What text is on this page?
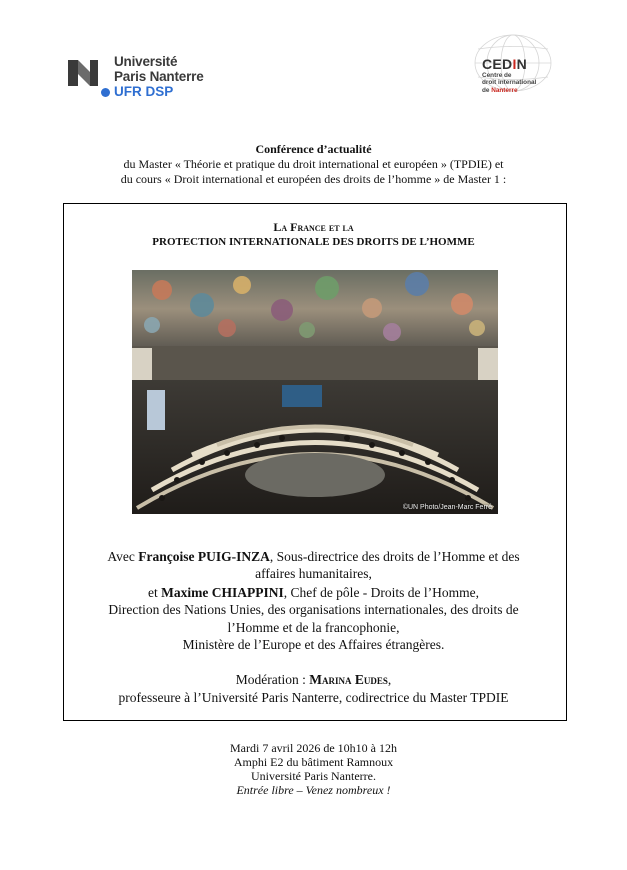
Université
Paris Nanterre
UFR DSP
CEDIN
Centre de
droit international
de Nanterre
Conférence d’actualité
du Master « Théorie et pratique du droit international et européen » (TPDIE) et
du cours « Droit international et européen des droits de l’homme » de Master 1 :
La France et la
PROTECTION INTERNATIONALE DES DROITS DE L’HOMME
©UN Photo/Jean-Marc Ferré
Avec Françoise PUIG-INZA, Sous-directrice des droits de l’Homme et des
affaires humanitaires,
et Maxime CHIAPPINI, Chef de pôle - Droits de l’Homme,
Direction des Nations Unies, des organisations internationales, des droits de
l’Homme et de la francophonie,
Ministère de l’Europe et des Affaires étrangères.
Modération : Marina Eudes,
professeure à l’Université Paris Nanterre, codirectrice du Master TPDIE
Mardi 7 avril 2026 de 10h10 à 12h
Amphi E2 du bâtiment Ramnoux
Université Paris Nanterre.
Entrée libre – Venez nombreux !
